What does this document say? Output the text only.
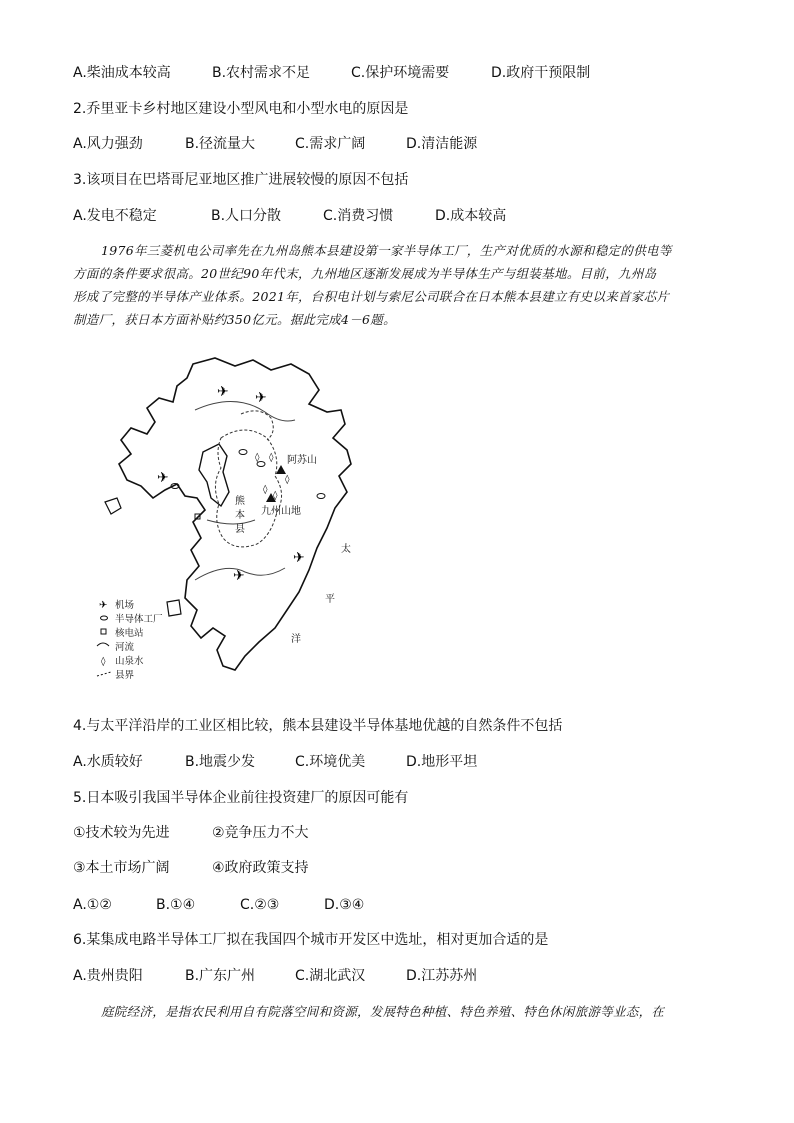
A.柴油成本较高	B.农村需求不足	C.保护环境需要	D.政府干预限制
2.乔里亚卡乡村地区建设小型风电和小型水电的原因是
A.风力强劲	B.径流量大	C.需求广阔	D.清洁能源
3.该项目在巴塔哥尼亚地区推广进展较慢的原因不包括
A.发电不稳定	B.人口分散	C.消费习惯	D.成本较高
1976年三菱机电公司率先在九州岛熊本县建设第一家半导体工厂，生产对优质的水源和稳定的供电等
方面的条件要求很高。20世纪90年代末，九州地区逐渐发展成为半导体生产与组装基地。目前，九州岛
形成了完整的半导体产业体系。2021年，台积电计划与索尼公司联合在日本熊本县建立有史以来首家芯片
制造厂，获日本方面补贴约350亿元。据此完成4－6题。
✈ ✈
✈
✈
✈
◊ ◊
◊
◊
◊
阿苏山
九州山地
熊
本
县
太
平
洋
✈ 机场
半导体工厂
核电站
河流
◊ 山泉水
县界
4.与太平洋沿岸的工业区相比较，熊本县建设半导体基地优越的自然条件不包括
A.水质较好	B.地震少发	C.环境优美	D.地形平坦
5.日本吸引我国半导体企业前往投资建厂的原因可能有
①技术较为先进	②竞争压力不大
③本土市场广阔	④政府政策支持
A.①②	B.①④	C.②③	D.③④
6.某集成电路半导体工厂拟在我国四个城市开发区中选址，相对更加合适的是
A.贵州贵阳	B.广东广州	C.湖北武汉	D.江苏苏州
庭院经济，是指农民利用自有院落空间和资源，发展特色种植、特色养殖、特色休闲旅游等业态，在
